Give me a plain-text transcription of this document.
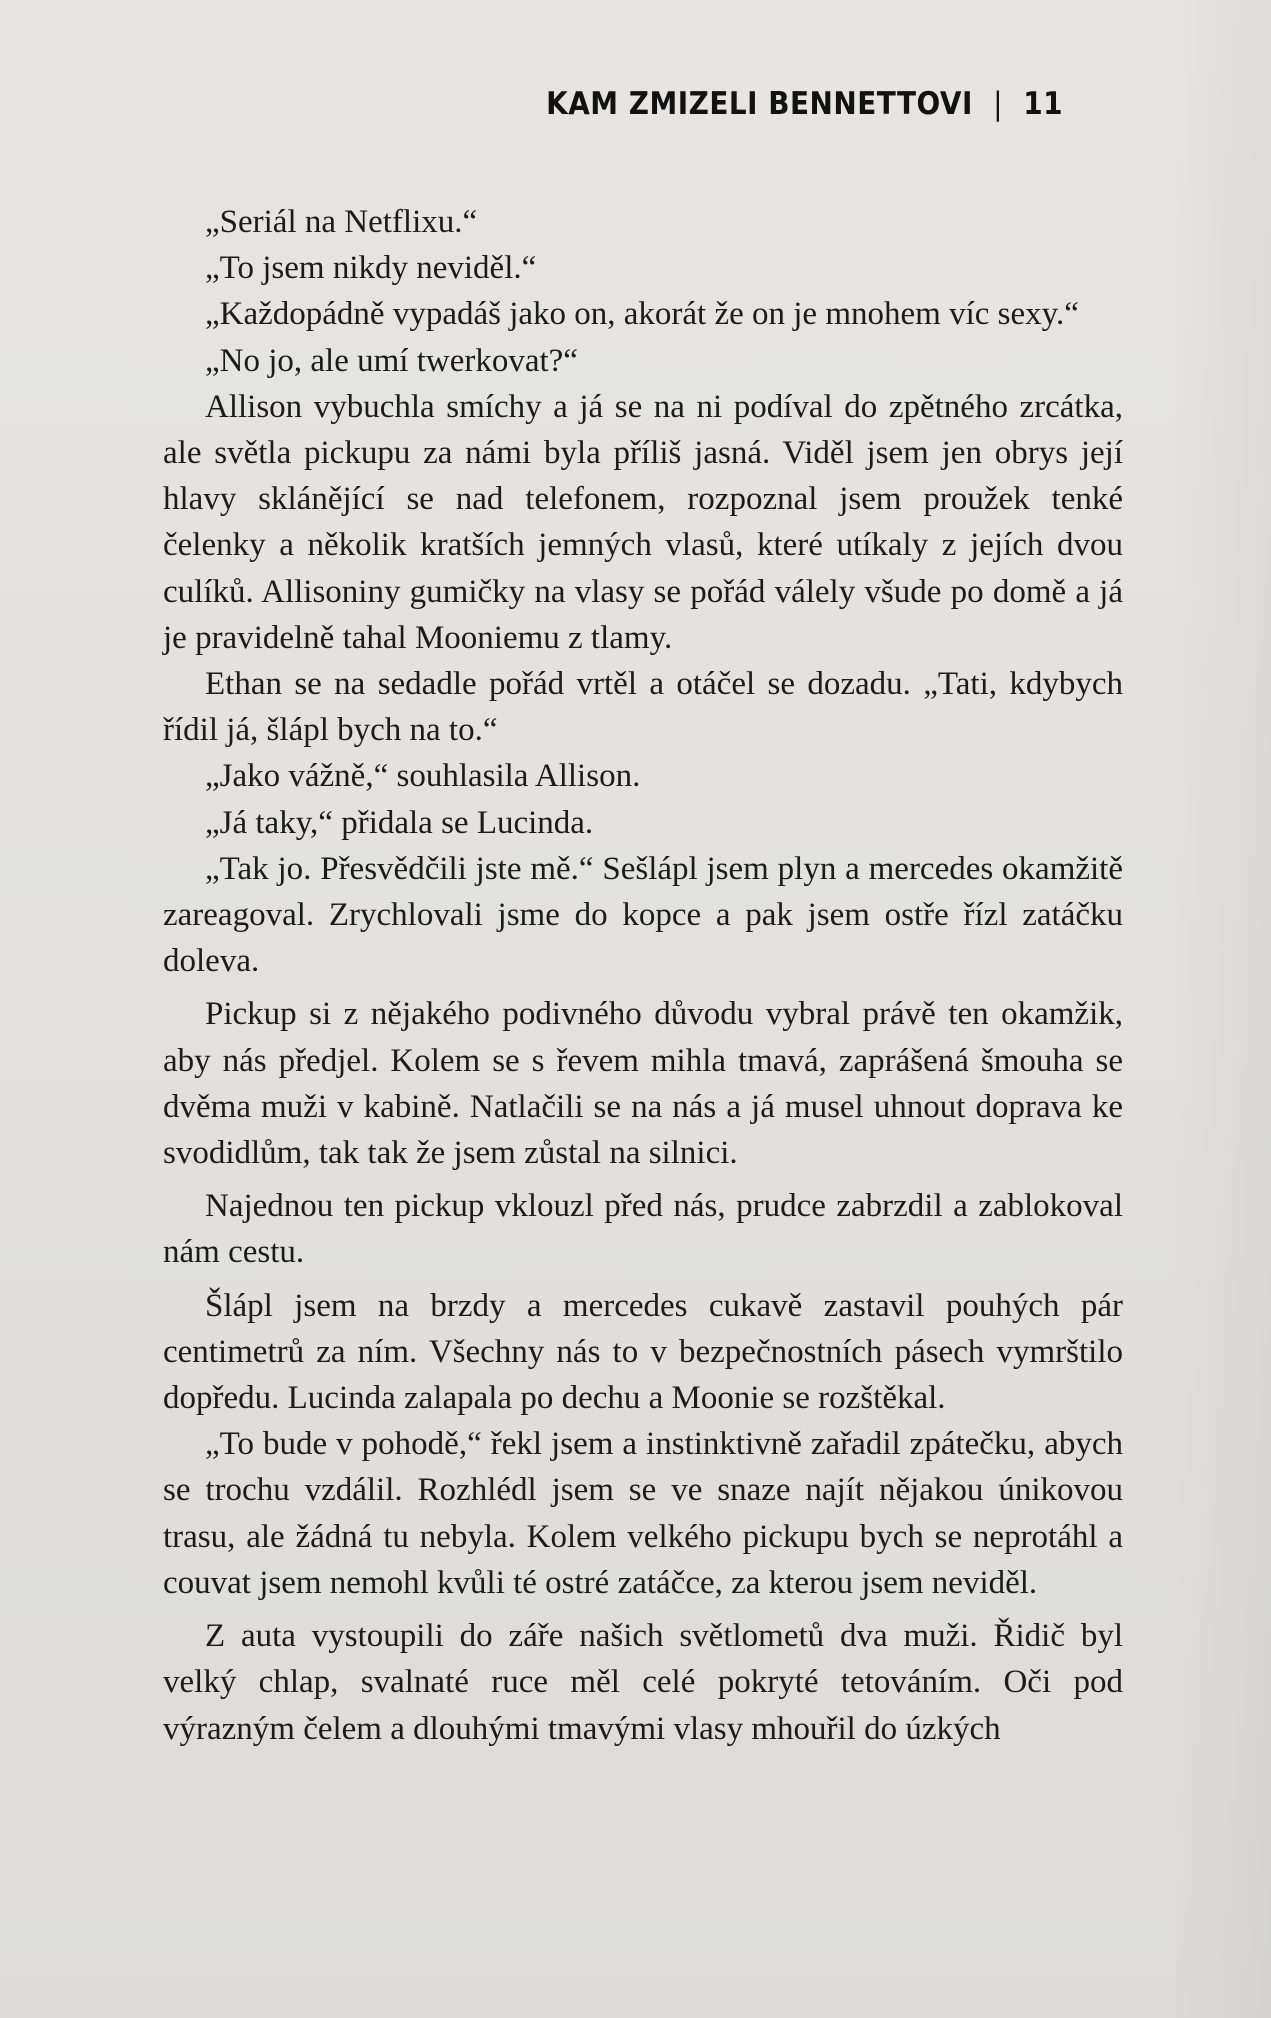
KAM ZMIZELI BENNETTOVI | 11

„Seriál na Netflixu.“

„To jsem nikdy neviděl.“

„Každopádně vypadáš jako on, akorát že on je mnohem víc sexy.“

„No jo, ale umí twerkovat?“

Allison vybuchla smíchy a já se na ni podíval do zpětného zrcátka, ale světla pickupu za námi byla příliš jasná. Viděl jsem jen obrys její hlavy sklánějící se nad telefonem, rozpoznal jsem proužek tenké čelenky a několik kratších jemných vlasů, které utíkaly z jejích dvou culíků. Allisoniny gumičky na vlasy se pořád válely všude po domě a já je pravidelně tahal Mooniemu z tlamy.

Ethan se na sedadle pořád vrtěl a otáčel se dozadu. „Tati, kdybych řídil já, šlápl bych na to.“

„Jako vážně,“ souhlasila Allison.

„Já taky,“ přidala se Lucinda.

„Tak jo. Přesvědčili jste mě.“ Sešlápl jsem plyn a mercedes okamžitě zareagoval. Zrychlovali jsme do kopce a pak jsem ostře řízl zatáčku doleva.

Pickup si z nějakého podivného důvodu vybral právě ten okamžik, aby nás předjel. Kolem se s řevem mihla tmavá, zaprášená šmouha se dvěma muži v kabině. Natlačili se na nás a já musel uhnout doprava ke svodidlům, tak tak že jsem zůstal na silnici.

Najednou ten pickup vklouzl před nás, prudce zabrzdil a zablokoval nám cestu.

Šlápl jsem na brzdy a mercedes cukavě zastavil pouhých pár centimetrů za ním. Všechny nás to v bezpečnostních pásech vymrštilo dopředu. Lucinda zalapala po dechu a Moonie se rozštěkal.

„To bude v pohodě,“ řekl jsem a instinktivně zařadil zpátečku, abych se trochu vzdálil. Rozhlédl jsem se ve snaze najít nějakou únikovou trasu, ale žádná tu nebyla. Kolem velkého pickupu bych se neprotáhl a couvat jsem nemohl kvůli té ostré zatáčce, za kterou jsem neviděl.

Z auta vystoupili do záře našich světlometů dva muži. Řidič byl velký chlap, svalnaté ruce měl celé pokryté tetováním. Oči pod výrazným čelem a dlouhými tmavými vlasy mhouřil do úzkých
